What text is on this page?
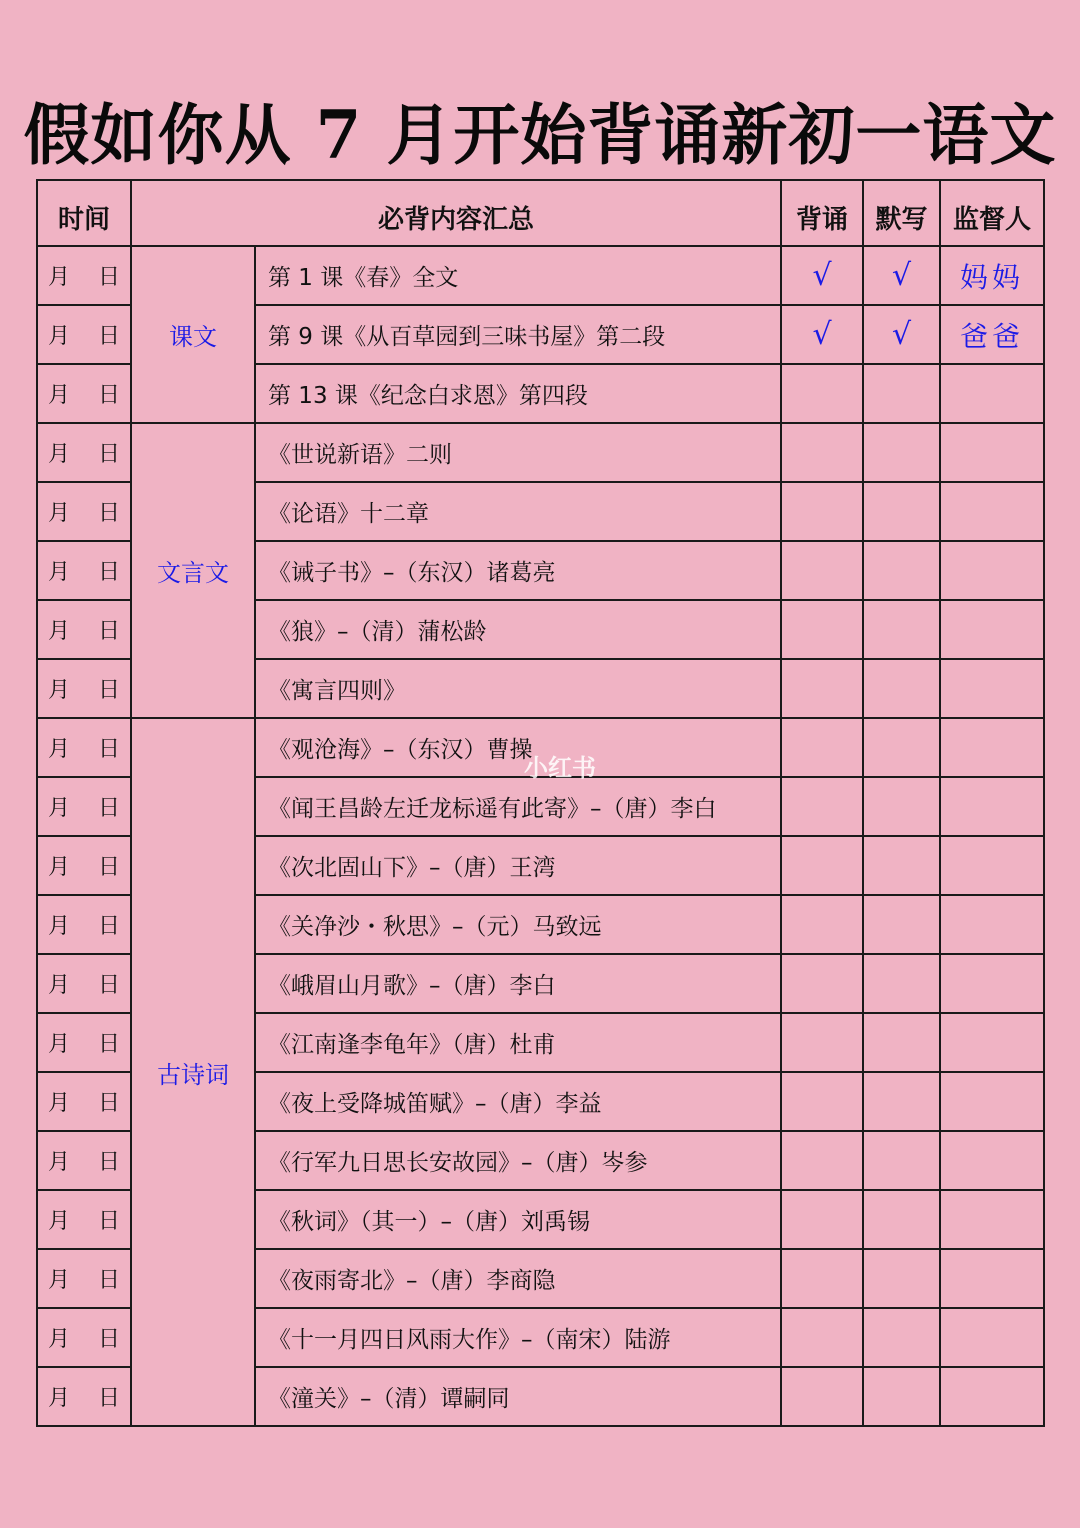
假如你从 7 月开始背诵新初一语文
时间	必背内容汇总		背诵	默写	监督人
月    日	课文	第 1 课《春》全文	√	√	妈妈
月    日		第 9 课《从百草园到三味书屋》第二段	√	√	爸爸
月    日		第 13 课《纪念白求恩》第四段			
月    日	文言文	《世说新语》二则			
月    日		《论语》十二章			
月    日		《诫子书》–（东汉）诸葛亮			
月    日		《狼》–（清）蒲松龄			
月    日		《寓言四则》			
月    日	古诗词	《观沧海》–（东汉）曹操			
月    日		《闻王昌龄左迁龙标遥有此寄》–（唐）李白			
月    日		《次北固山下》–（唐）王湾			
月    日		《关净沙・秋思》–（元）马致远			
月    日		《峨眉山月歌》–（唐）李白			
月    日		《江南逢李龟年》（唐）杜甫			
月    日		《夜上受降城笛赋》–（唐）李益			
月    日		《行军九日思长安故园》–（唐）岑参			
月    日		《秋词》（其一）–（唐）刘禹锡			
月    日		《夜雨寄北》–（唐）李商隐			
月    日		《十一月四日风雨大作》–（南宋）陆游			
月    日		《潼关》–（清）谭嗣同			
小红书
